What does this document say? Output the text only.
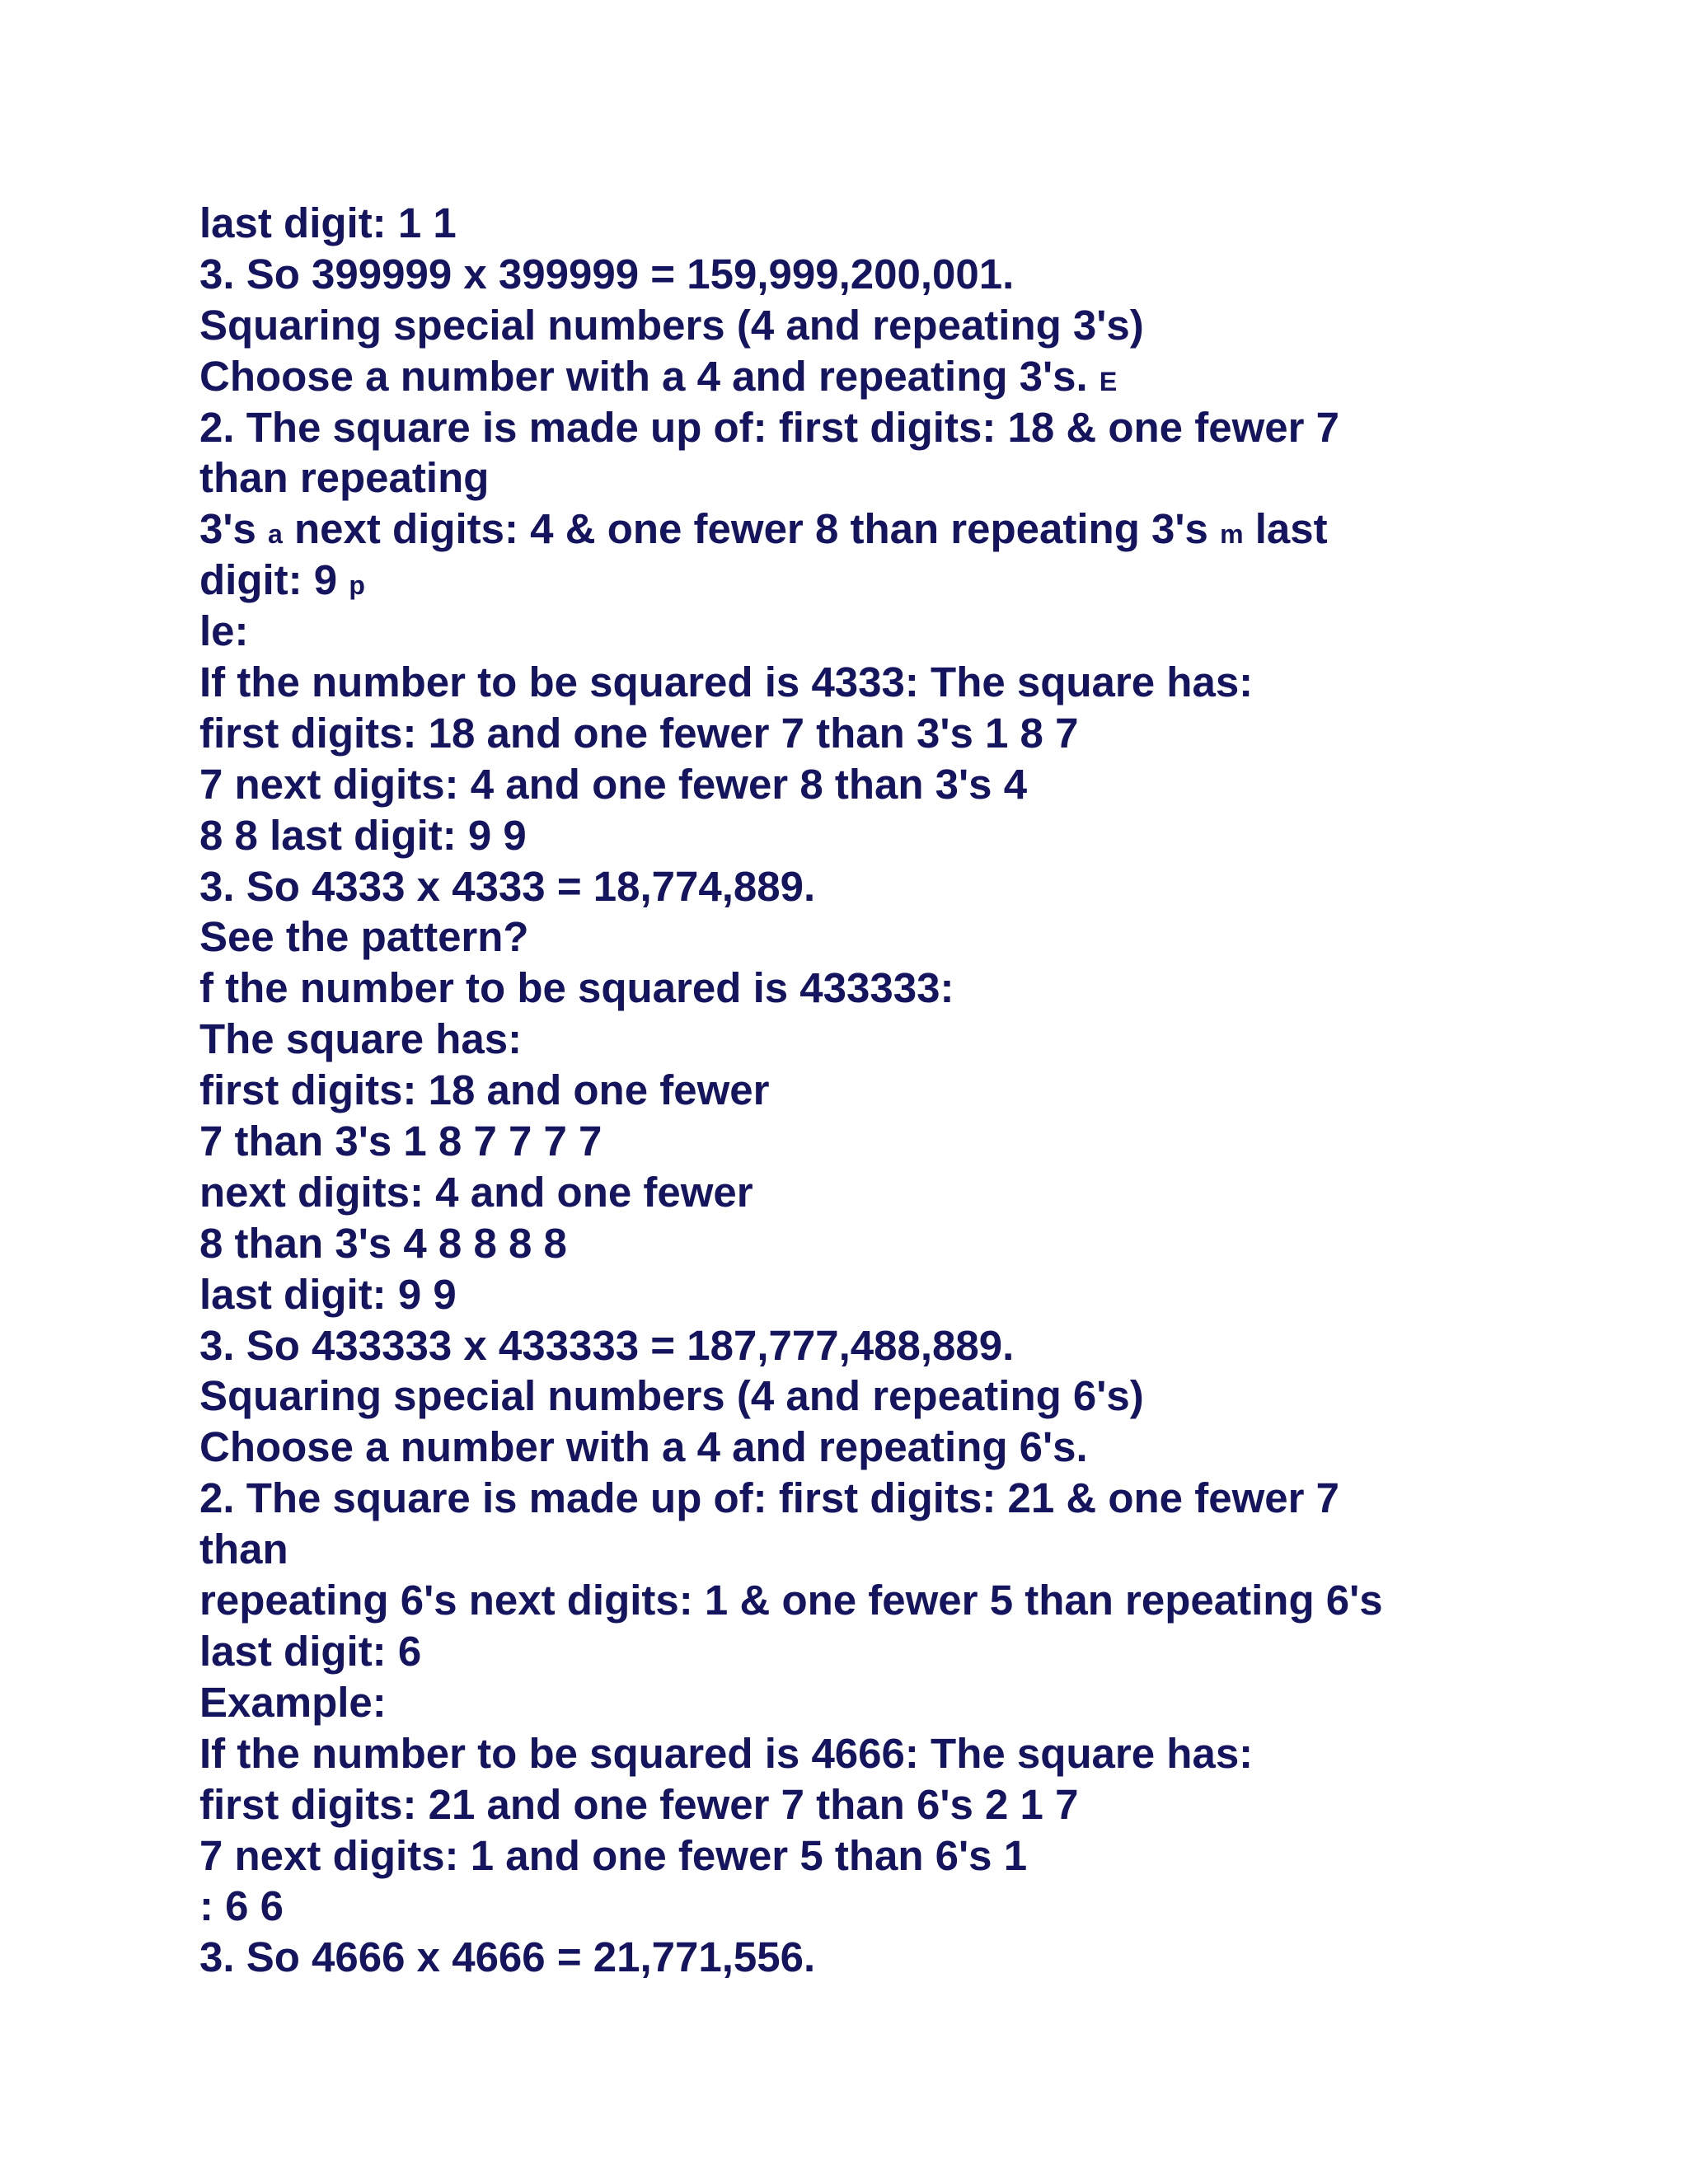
last digit: 1 1
3. So 399999 x 399999 = 159,999,200,001.
Squaring special numbers (4 and repeating 3's)
Choose a number with a 4 and repeating 3's. E
2. The square is made up of: first digits: 18 & one fewer 7
than repeating
3's a next digits: 4 & one fewer 8 than repeating 3's m last
digit: 9 p
le:
If the number to be squared is 4333: The square has:
first digits: 18 and one fewer 7 than 3's 1 8 7
7 next digits: 4 and one fewer 8 than 3's 4
8 8 last digit: 9 9
3. So 4333 x 4333 = 18,774,889.
See the pattern?
f the number to be squared is 433333:
The square has:
first digits: 18 and one fewer
7 than 3's 1 8 7 7 7 7
next digits: 4 and one fewer
8 than 3's 4 8 8 8 8
last digit: 9 9
3. So 433333 x 433333 = 187,777,488,889.
Squaring special numbers (4 and repeating 6's)
Choose a number with a 4 and repeating 6's.
2. The square is made up of: first digits: 21 & one fewer 7
than
repeating 6's next digits: 1 & one fewer 5 than repeating 6's
last digit: 6
Example:
If the number to be squared is 4666: The square has:
first digits: 21 and one fewer 7 than 6's 2 1 7
7 next digits: 1 and one fewer 5 than 6's 1
: 6 6
3. So 4666 x 4666 = 21,771,556.
